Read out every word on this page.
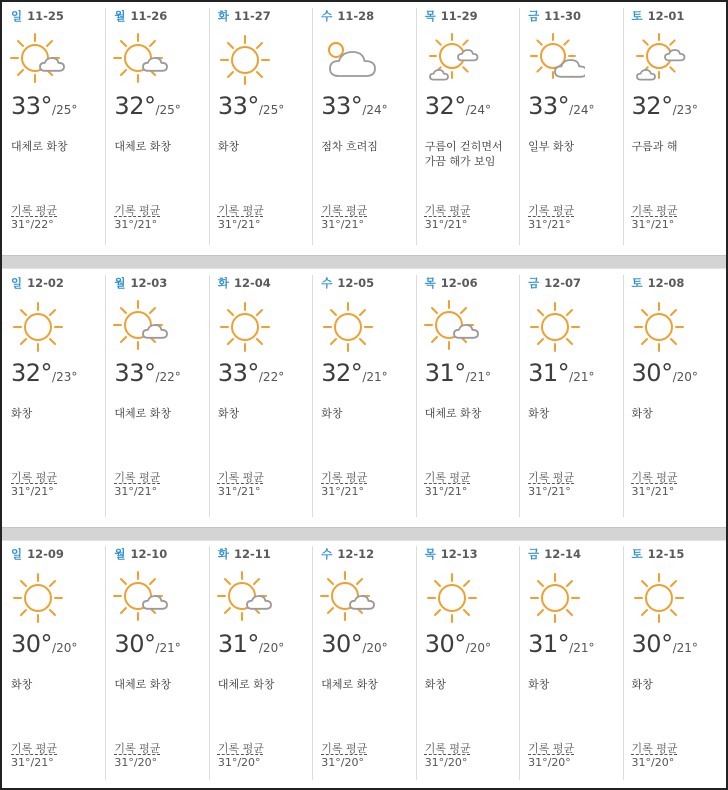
일 11-25
33°/25°
대체로 화창
기록 평균
31°/22°
월 11-26
32°/25°
대체로 화창
기록 평균
31°/21°
화 11-27
33°/25°
화창
기록 평균
31°/21°
수 11-28
33°/24°
점차 흐려짐
기록 평균
31°/21°
목 11-29
32°/24°
구름이 걷히면서 가끔 해가 보임
기록 평균
31°/21°
금 11-30
33°/24°
일부 화창
기록 평균
31°/21°
토 12-01
32°/23°
구름과 해
기록 평균
31°/21°
일 12-02
32°/23°
화창
기록 평균
31°/21°
월 12-03
33°/22°
대체로 화창
기록 평균
31°/21°
화 12-04
33°/22°
화창
기록 평균
31°/21°
수 12-05
32°/21°
화창
기록 평균
31°/21°
목 12-06
31°/21°
대체로 화창
기록 평균
31°/21°
금 12-07
31°/21°
화창
기록 평균
31°/21°
토 12-08
30°/20°
화창
기록 평균
31°/21°
일 12-09
30°/20°
화창
기록 평균
31°/21°
월 12-10
30°/21°
대체로 화창
기록 평균
31°/20°
화 12-11
31°/20°
대체로 화창
기록 평균
31°/20°
수 12-12
30°/20°
대체로 화창
기록 평균
31°/20°
목 12-13
30°/20°
화창
기록 평균
31°/20°
금 12-14
31°/21°
화창
기록 평균
31°/20°
토 12-15
30°/21°
화창
기록 평균
31°/20°
